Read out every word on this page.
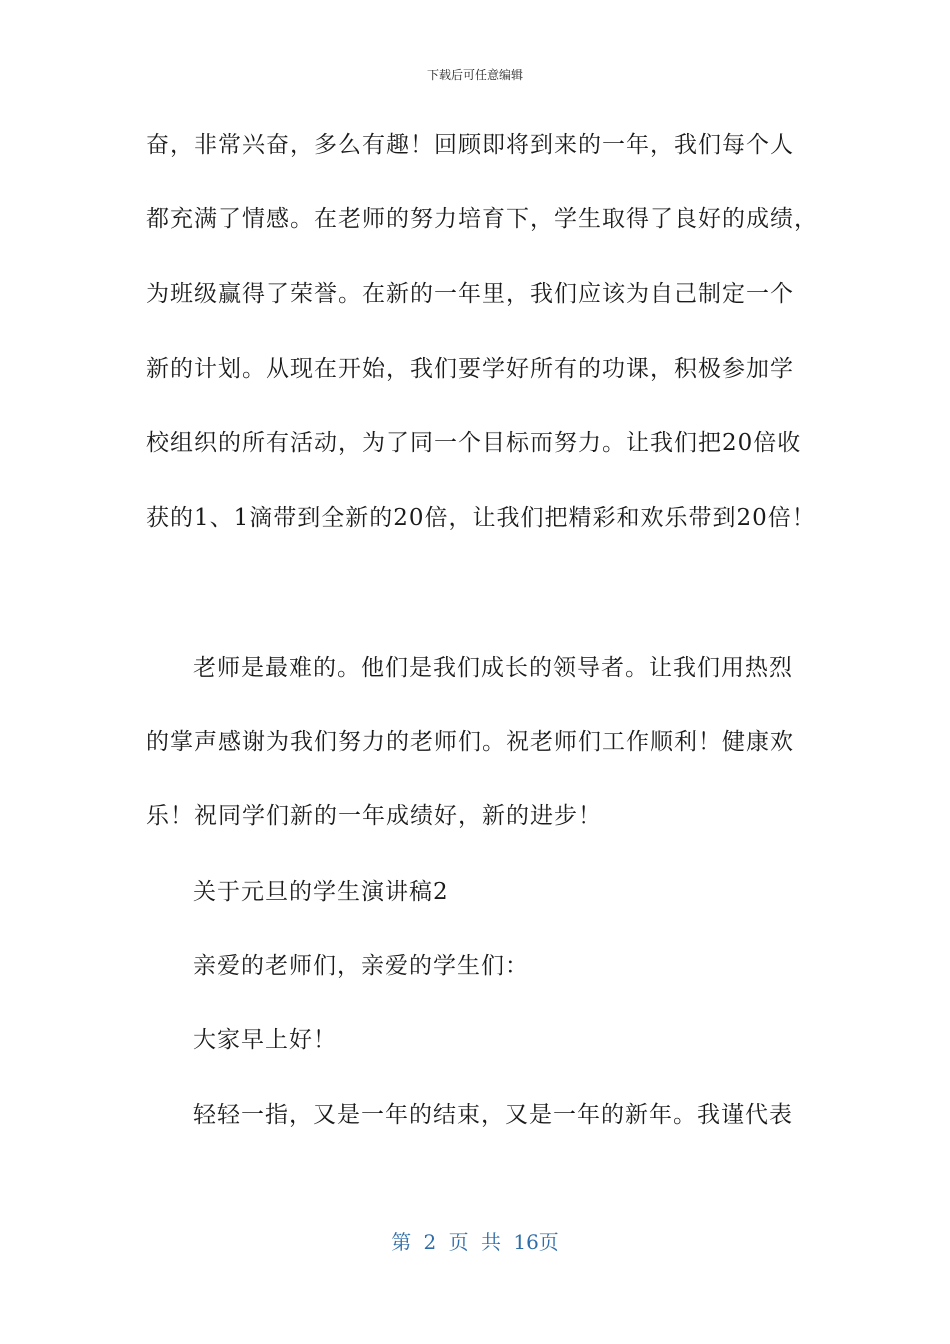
下载后可任意编辑
奋，非常兴奋，多么有趣！回顾即将到来的一年，我们每个人
都充满了情感。在老师的努力培育下，学生取得了良好的成绩，
为班级赢得了荣誉。在新的一年里，我们应该为自己制定一个
新的计划。从现在开始，我们要学好所有的功课，积极参加学
校组织的所有活动，为了同一个目标而努力。让我们把20倍收
获的1、1滴带到全新的20倍，让我们把精彩和欢乐带到20倍！
老师是最难的。他们是我们成长的领导者。让我们用热烈
的掌声感谢为我们努力的老师们。祝老师们工作顺利！健康欢
乐！祝同学们新的一年成绩好，新的进步！
关于元旦的学生演讲稿2
亲爱的老师们，亲爱的学生们：
大家早上好！
轻轻一指，又是一年的结束，又是一年的新年。我谨代表
第 2 页 共 16页
